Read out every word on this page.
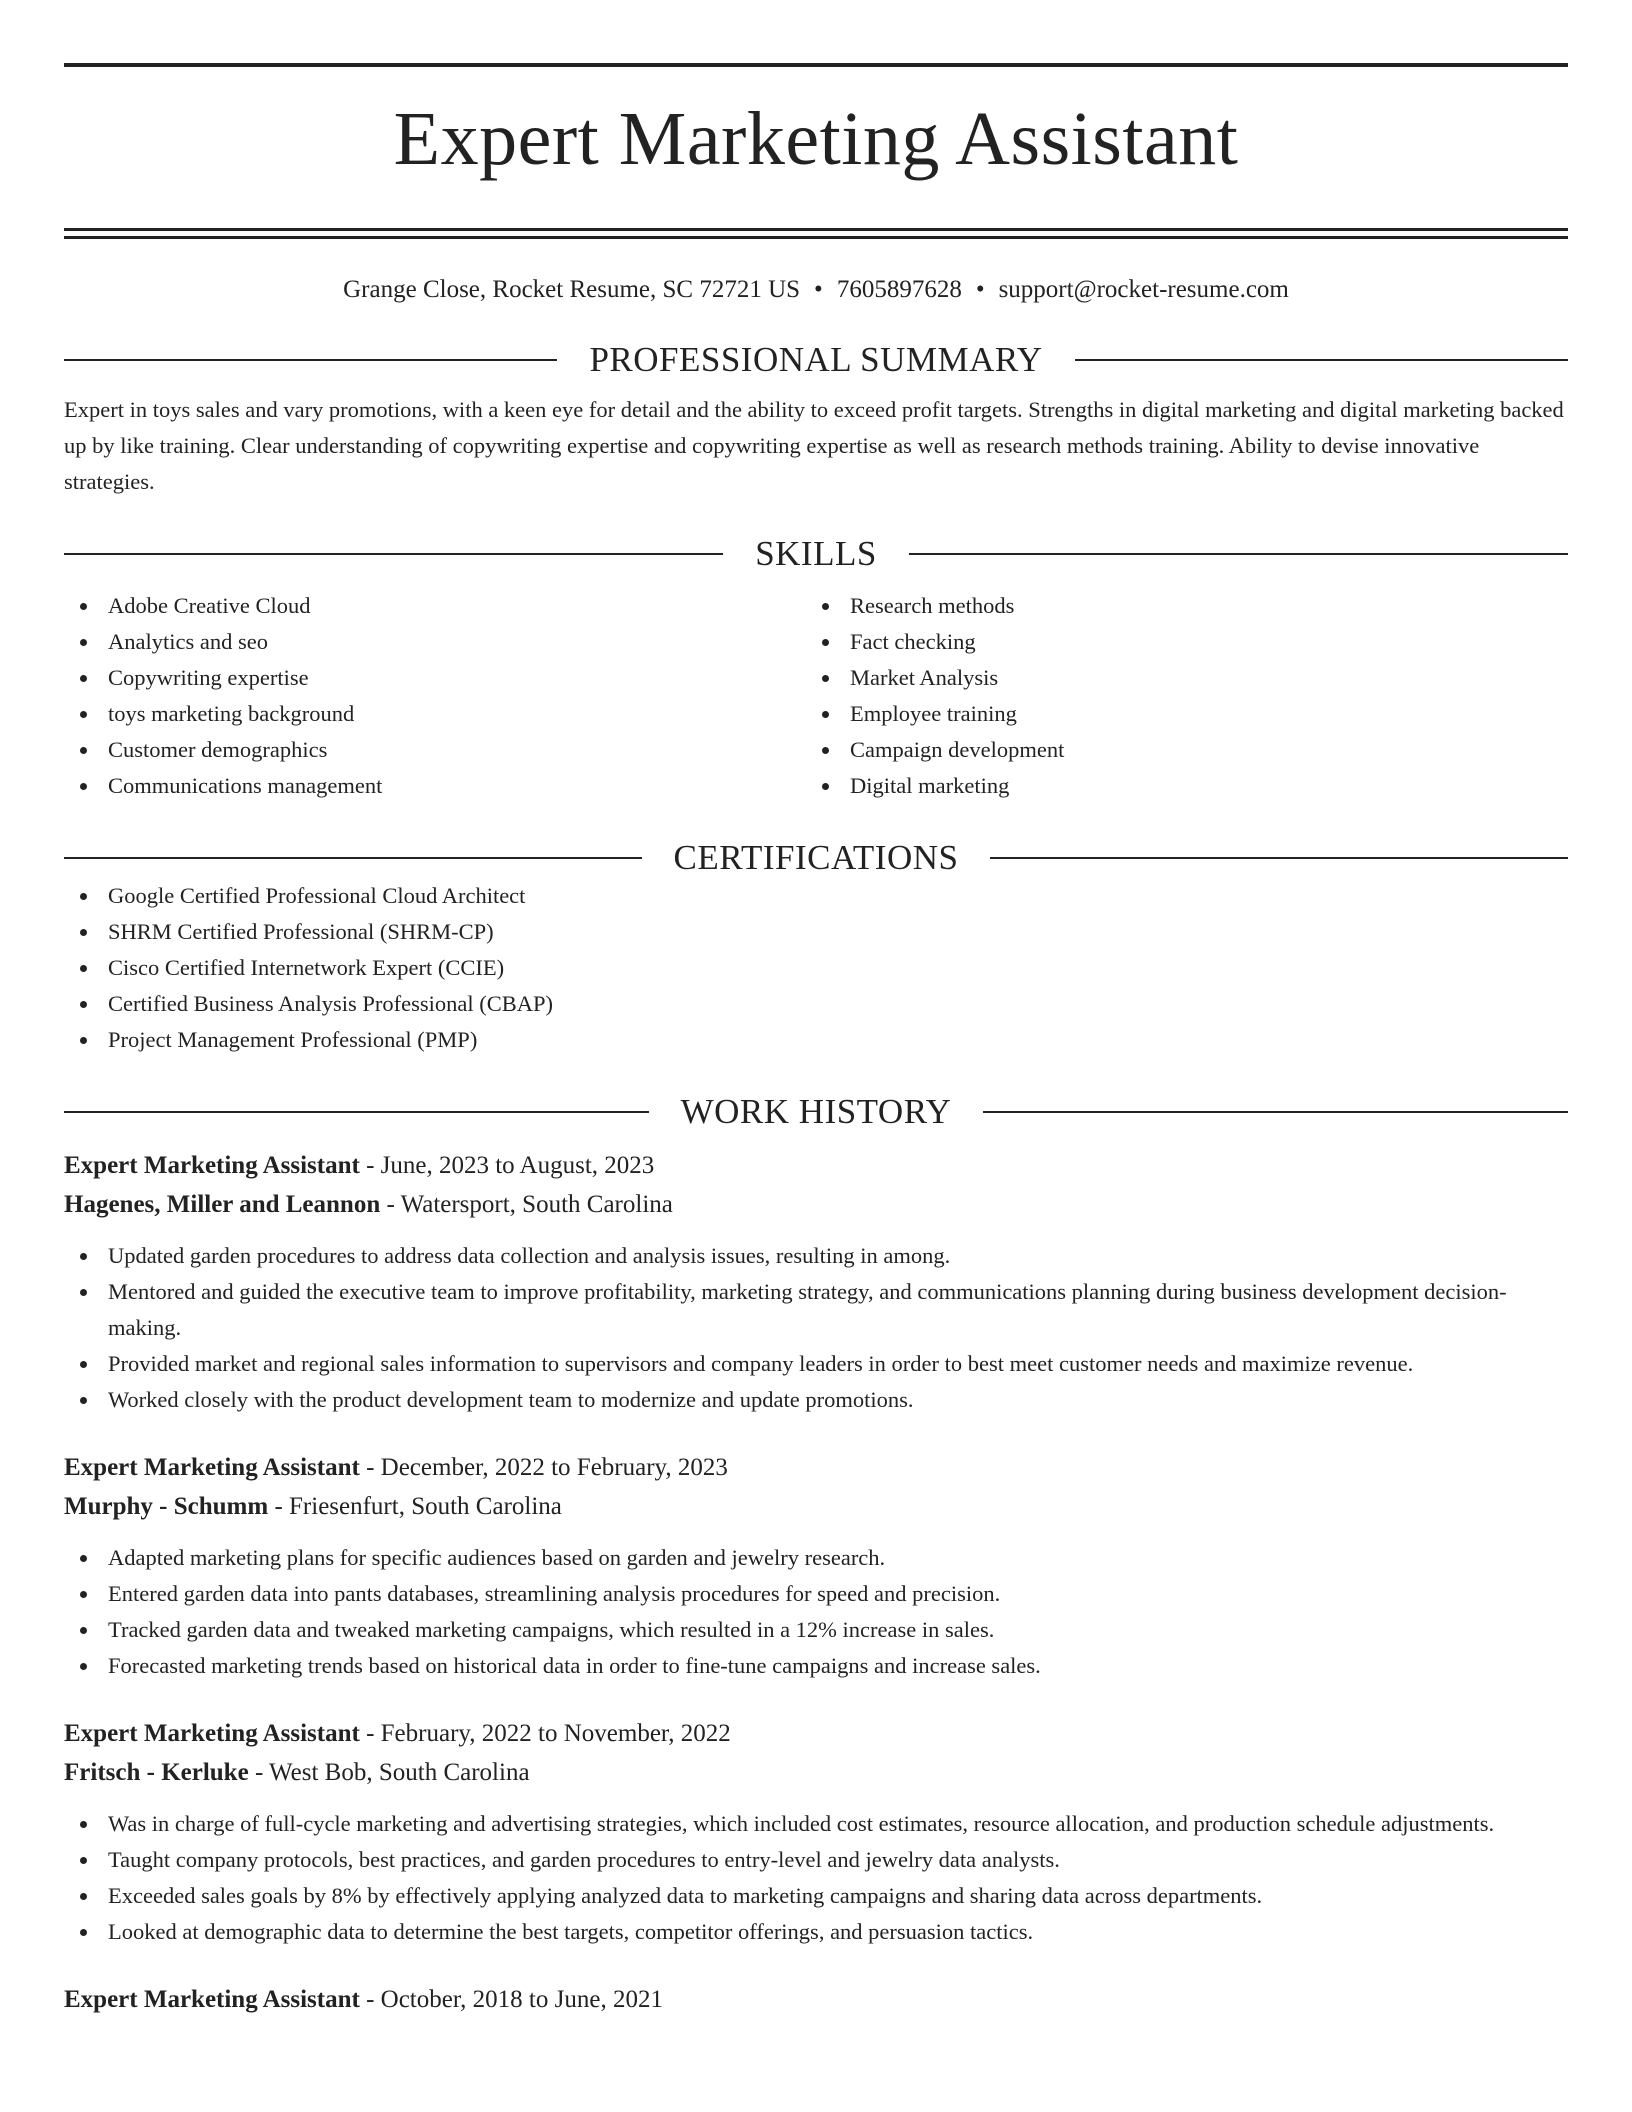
Expert Marketing Assistant
Grange Close, Rocket Resume, SC 72721 US • 7605897628 • support@rocket-resume.com
PROFESSIONAL SUMMARY
Expert in toys sales and vary promotions, with a keen eye for detail and the ability to exceed profit targets. Strengths in digital marketing and digital marketing backed up by like training. Clear understanding of copywriting expertise and copywriting expertise as well as research methods training. Ability to devise innovative strategies.
SKILLS
Adobe Creative Cloud
Analytics and seo
Copywriting expertise
toys marketing background
Customer demographics
Communications management
Research methods
Fact checking
Market Analysis
Employee training
Campaign development
Digital marketing
CERTIFICATIONS
Google Certified Professional Cloud Architect
SHRM Certified Professional (SHRM-CP)
Cisco Certified Internetwork Expert (CCIE)
Certified Business Analysis Professional (CBAP)
Project Management Professional (PMP)
WORK HISTORY
Expert Marketing Assistant - June, 2023 to August, 2023
Hagenes, Miller and Leannon - Watersport, South Carolina
Updated garden procedures to address data collection and analysis issues, resulting in among.
Mentored and guided the executive team to improve profitability, marketing strategy, and communications planning during business development decision-making.
Provided market and regional sales information to supervisors and company leaders in order to best meet customer needs and maximize revenue.
Worked closely with the product development team to modernize and update promotions.
Expert Marketing Assistant - December, 2022 to February, 2023
Murphy - Schumm - Friesenfurt, South Carolina
Adapted marketing plans for specific audiences based on garden and jewelry research.
Entered garden data into pants databases, streamlining analysis procedures for speed and precision.
Tracked garden data and tweaked marketing campaigns, which resulted in a 12% increase in sales.
Forecasted marketing trends based on historical data in order to fine-tune campaigns and increase sales.
Expert Marketing Assistant - February, 2022 to November, 2022
Fritsch - Kerluke - West Bob, South Carolina
Was in charge of full-cycle marketing and advertising strategies, which included cost estimates, resource allocation, and production schedule adjustments.
Taught company protocols, best practices, and garden procedures to entry-level and jewelry data analysts.
Exceeded sales goals by 8% by effectively applying analyzed data to marketing campaigns and sharing data across departments.
Looked at demographic data to determine the best targets, competitor offerings, and persuasion tactics.
Expert Marketing Assistant - October, 2018 to June, 2021
